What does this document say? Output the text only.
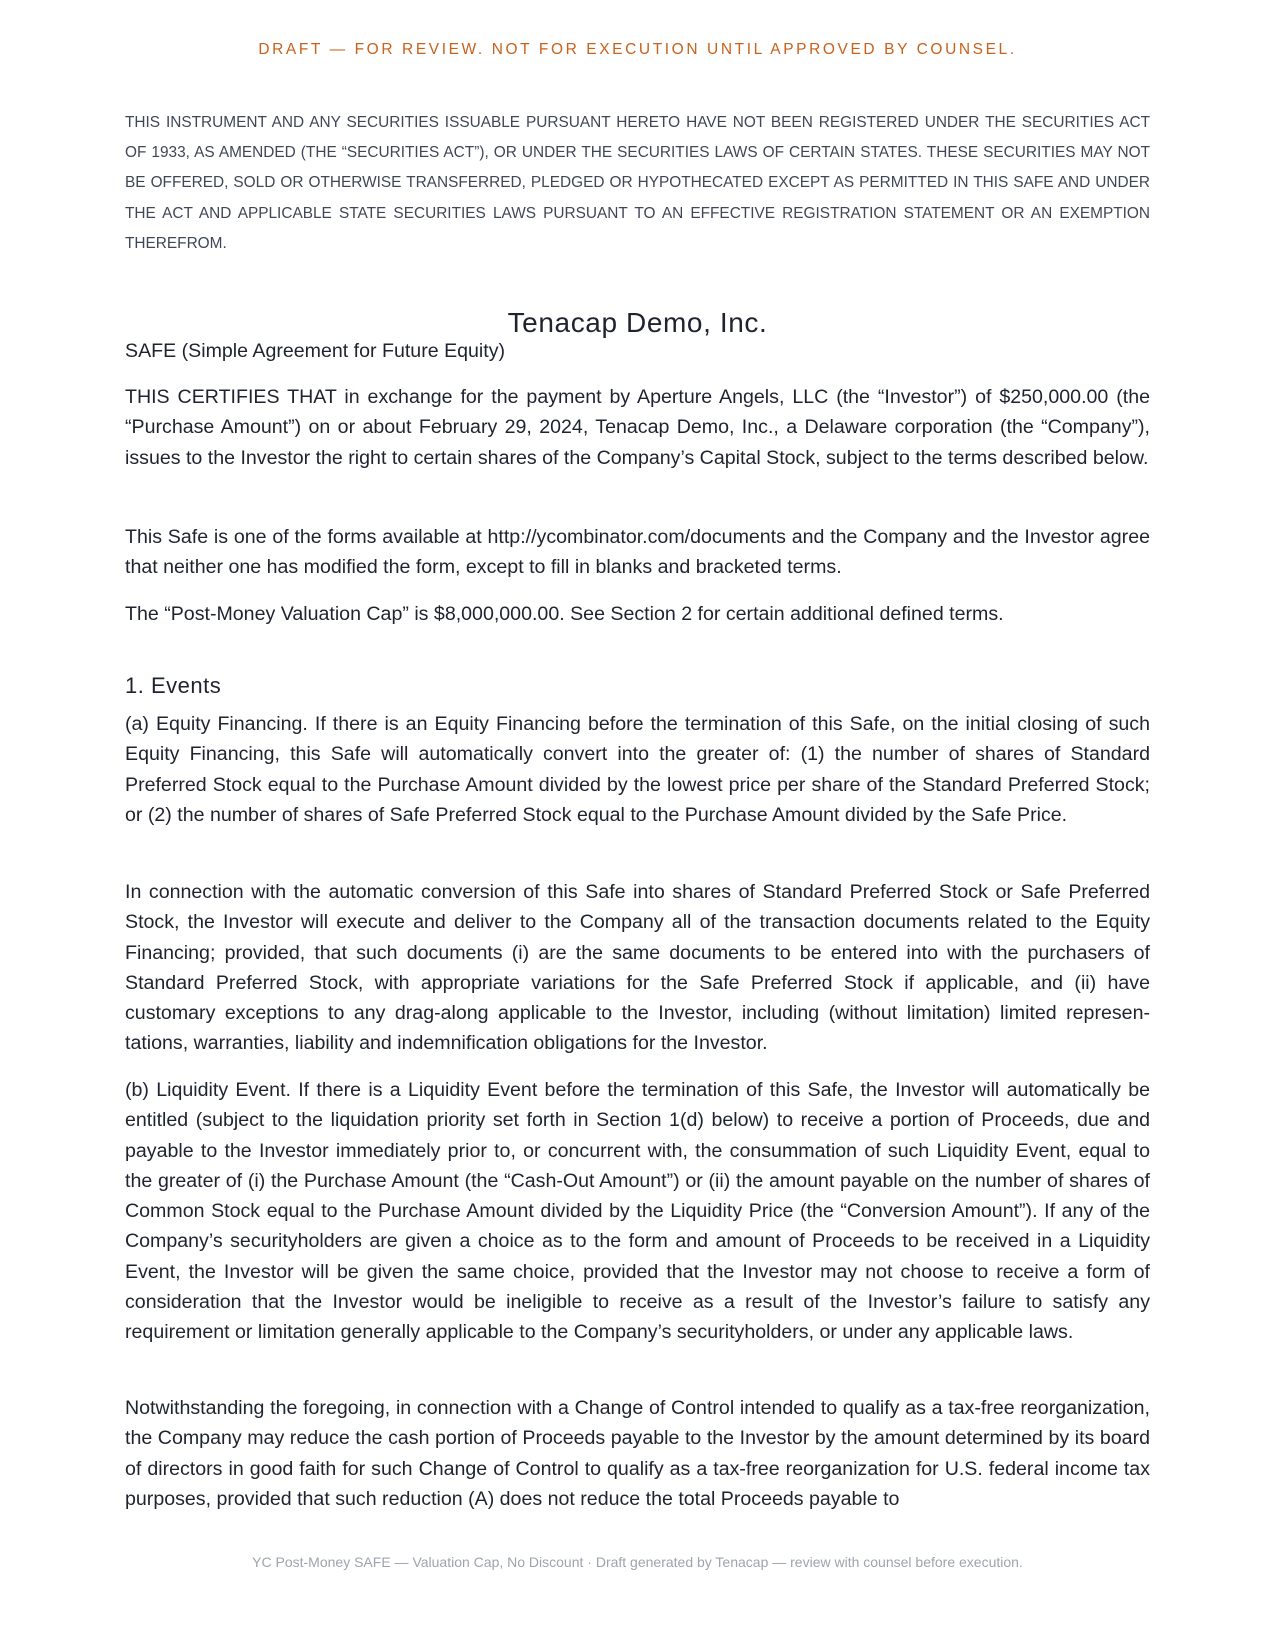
DRAFT — FOR REVIEW. NOT FOR EXECUTION UNTIL APPROVED BY COUNSEL.

THIS INSTRUMENT AND ANY SECURITIES ISSUABLE PURSUANT HERETO HAVE NOT BEEN REGISTERED UNDER THE SECURITIES ACT OF 1933, AS AMENDED (THE “SECURITIES ACT”), OR UNDER THE SECURITIES LAWS OF CERTAIN STATES. THESE SECURITIES MAY NOT BE OFFERED, SOLD OR OTHERWISE TRANSFERRED, PLEDGED OR HYPOTHECATED EXCEPT AS PERMITTED IN THIS SAFE AND UNDER THE ACT AND APPLICABLE STATE SECURITIES LAWS PURSUANT TO AN EFFECTIVE REGISTRATION STATEMENT OR AN EXEMPTION THEREFROM.

Tenacap Demo, Inc.

SAFE (Simple Agreement for Future Equity)

THIS CERTIFIES THAT in exchange for the payment by Aperture Angels, LLC (the “Investor”) of $250,000.00 (the “Purchase Amount”) on or about February 29, 2024, Tenacap Demo, Inc., a Delaware corporation (the “Company”), issues to the Investor the right to certain shares of the Company’s Capital Stock, subject to the terms described below.

This Safe is one of the forms available at http://ycombinator.com/documents and the Company and the Investor agree that neither one has modified the form, except to fill in blanks and bracketed terms.

The “Post-Money Valuation Cap” is $8,000,000.00. See Section 2 for certain additional defined terms.

1. Events

(a) Equity Financing. If there is an Equity Financing before the termination of this Safe, on the initial closing of such Equity Financing, this Safe will automatically convert into the greater of: (1) the number of shares of Standard Preferred Stock equal to the Purchase Amount divided by the lowest price per share of the Standard Preferred Stock; or (2) the number of shares of Safe Preferred Stock equal to the Purchase Amount divided by the Safe Price.

In connection with the automatic conversion of this Safe into shares of Standard Preferred Stock or Safe Preferred Stock, the Investor will execute and deliver to the Company all of the transaction documents related to the Equity Financing; provided, that such documents (i) are the same documents to be entered into with the purchasers of Standard Preferred Stock, with appropriate variations for the Safe Preferred Stock if applicable, and (ii) have customary exceptions to any drag-along applicable to the Investor, including (without limitation) limited representations, warranties, liability and indemnification obligations for the Investor.

(b) Liquidity Event. If there is a Liquidity Event before the termination of this Safe, the Investor will automatically be entitled (subject to the liquidation priority set forth in Section 1(d) below) to receive a portion of Proceeds, due and payable to the Investor immediately prior to, or concurrent with, the consummation of such Liquidity Event, equal to the greater of (i) the Purchase Amount (the “Cash-Out Amount”) or (ii) the amount payable on the number of shares of Common Stock equal to the Purchase Amount divided by the Liquidity Price (the “Conversion Amount”). If any of the Company’s securityholders are given a choice as to the form and amount of Proceeds to be received in a Liquidity Event, the Investor will be given the same choice, provided that the Investor may not choose to receive a form of consideration that the Investor would be ineligible to receive as a result of the Investor’s failure to satisfy any requirement or limitation generally applicable to the Company’s securityholders, or under any applicable laws.

Notwithstanding the foregoing, in connection with a Change of Control intended to qualify as a tax-free reorganization, the Company may reduce the cash portion of Proceeds payable to the Investor by the amount determined by its board of directors in good faith for such Change of Control to qualify as a tax-free reorganization for U.S. federal income tax purposes, provided that such reduction (A) does not reduce the total Proceeds payable to

YC Post-Money SAFE — Valuation Cap, No Discount · Draft generated by Tenacap — review with counsel before execution.
